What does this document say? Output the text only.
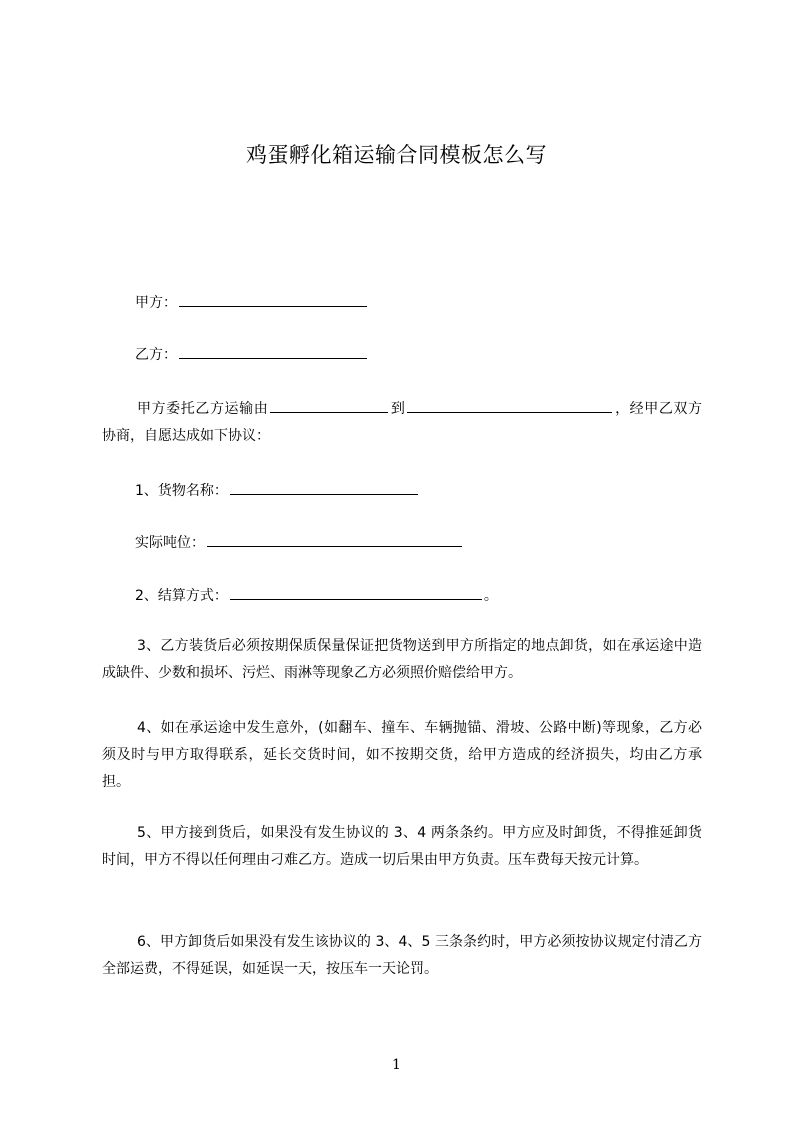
鸡蛋孵化箱运输合同模板怎么写
甲方：
乙方：
甲方委托乙方运输由	到	，经甲乙双方协商，自愿达成如下协议：
1、货物名称：
实际吨位：
2、结算方式：	。
3、乙方装货后必须按期保质保量保证把货物送到甲方所指定的地点卸货，如在承运途中造成缺件、少数和损坏、污烂、雨淋等现象乙方必须照价赔偿给甲方。
4、如在承运途中发生意外，(如翻车、撞车、车辆抛锚、滑坡、公路中断)等现象，乙方必须及时与甲方取得联系，延长交货时间，如不按期交货，给甲方造成的经济损失，均由乙方承担。
5、甲方接到货后，如果没有发生协议的 3、4 两条条约。甲方应及时卸货，不得推延卸货时间，甲方不得以任何理由刁难乙方。造成一切后果由甲方负责。压车费每天按元计算。
6、甲方卸货后如果没有发生该协议的 3、4、5 三条条约时，甲方必须按协议规定付清乙方全部运费，不得延误，如延误一天，按压车一天论罚。
1
